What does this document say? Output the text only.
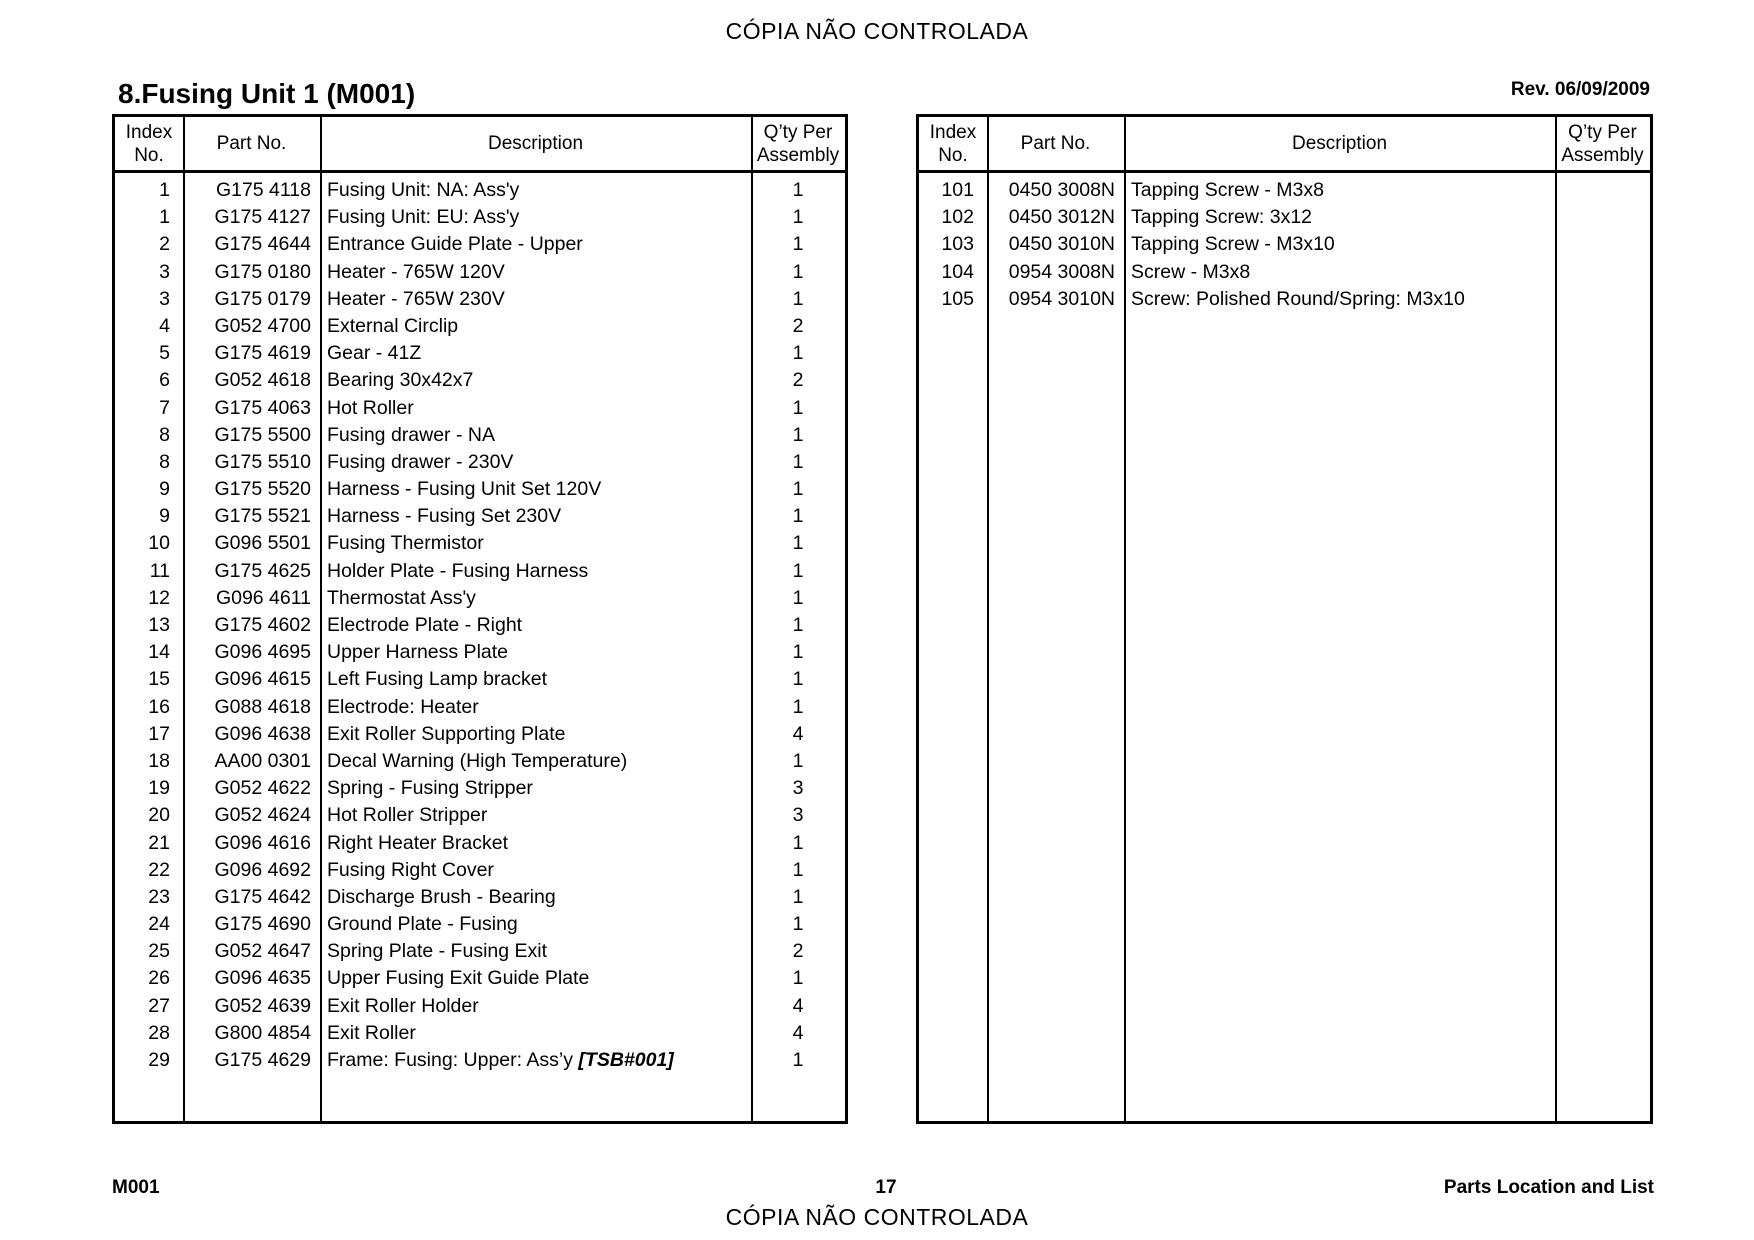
CÓPIA NÃO CONTROLADA
8.Fusing Unit 1 (M001)	Rev. 06/09/2009
Index
No.
Part No.	Description
Q’ty Per
Assembly
1	G175 4118 Fusing Unit: NA: Ass'y	1
1	G175 4127 Fusing Unit: EU: Ass'y	1
2	G175 4644 Entrance Guide Plate - Upper	1
3	G175 0180 Heater - 765W 120V	1
3	G175 0179 Heater - 765W 230V	1
4	G052 4700 External Circlip	2
5	G175 4619 Gear - 41Z	1
6	G052 4618 Bearing 30x42x7	2
7	G175 4063 Hot Roller	1
8	G175 5500 Fusing drawer - NA	1
8	G175 5510 Fusing drawer - 230V	1
9	G175 5520 Harness - Fusing Unit Set 120V	1
9	G175 5521 Harness - Fusing Set 230V	1
10	G096 5501 Fusing Thermistor	1
11	G175 4625 Holder Plate - Fusing Harness	1
12	G096 4611 Thermostat Ass'y	1
13	G175 4602 Electrode Plate - Right	1
14	G096 4695 Upper Harness Plate	1
15	G096 4615 Left Fusing Lamp bracket	1
16	G088 4618 Electrode: Heater	1
17	G096 4638 Exit Roller Supporting Plate	4
18	AA00 0301 Decal Warning (High Temperature)	1
19	G052 4622 Spring - Fusing Stripper	3
20	G052 4624 Hot Roller Stripper	3
21	G096 4616 Right Heater Bracket	1
22	G096 4692 Fusing Right Cover	1
23	G175 4642 Discharge Brush - Bearing	1
24	G175 4690 Ground Plate - Fusing	1
25	G052 4647 Spring Plate - Fusing Exit	2
26	G096 4635 Upper Fusing Exit Guide Plate	1
27	G052 4639 Exit Roller Holder	4
28	G800 4854 Exit Roller	4
29	G175 4629 Frame: Fusing: Upper: Ass’y [TSB#001]	1
Index
No.
Part No.	Description
Q’ty Per
Assembly
101	0450 3008N Tapping Screw - M3x8
102	0450 3012N Tapping Screw: 3x12
103	0450 3010N Tapping Screw - M3x10
104	0954 3008N Screw - M3x8
105	0954 3010N Screw: Polished Round/Spring: M3x10
M001	17	Parts Location and List
CÓPIA NÃO CONTROLADA
